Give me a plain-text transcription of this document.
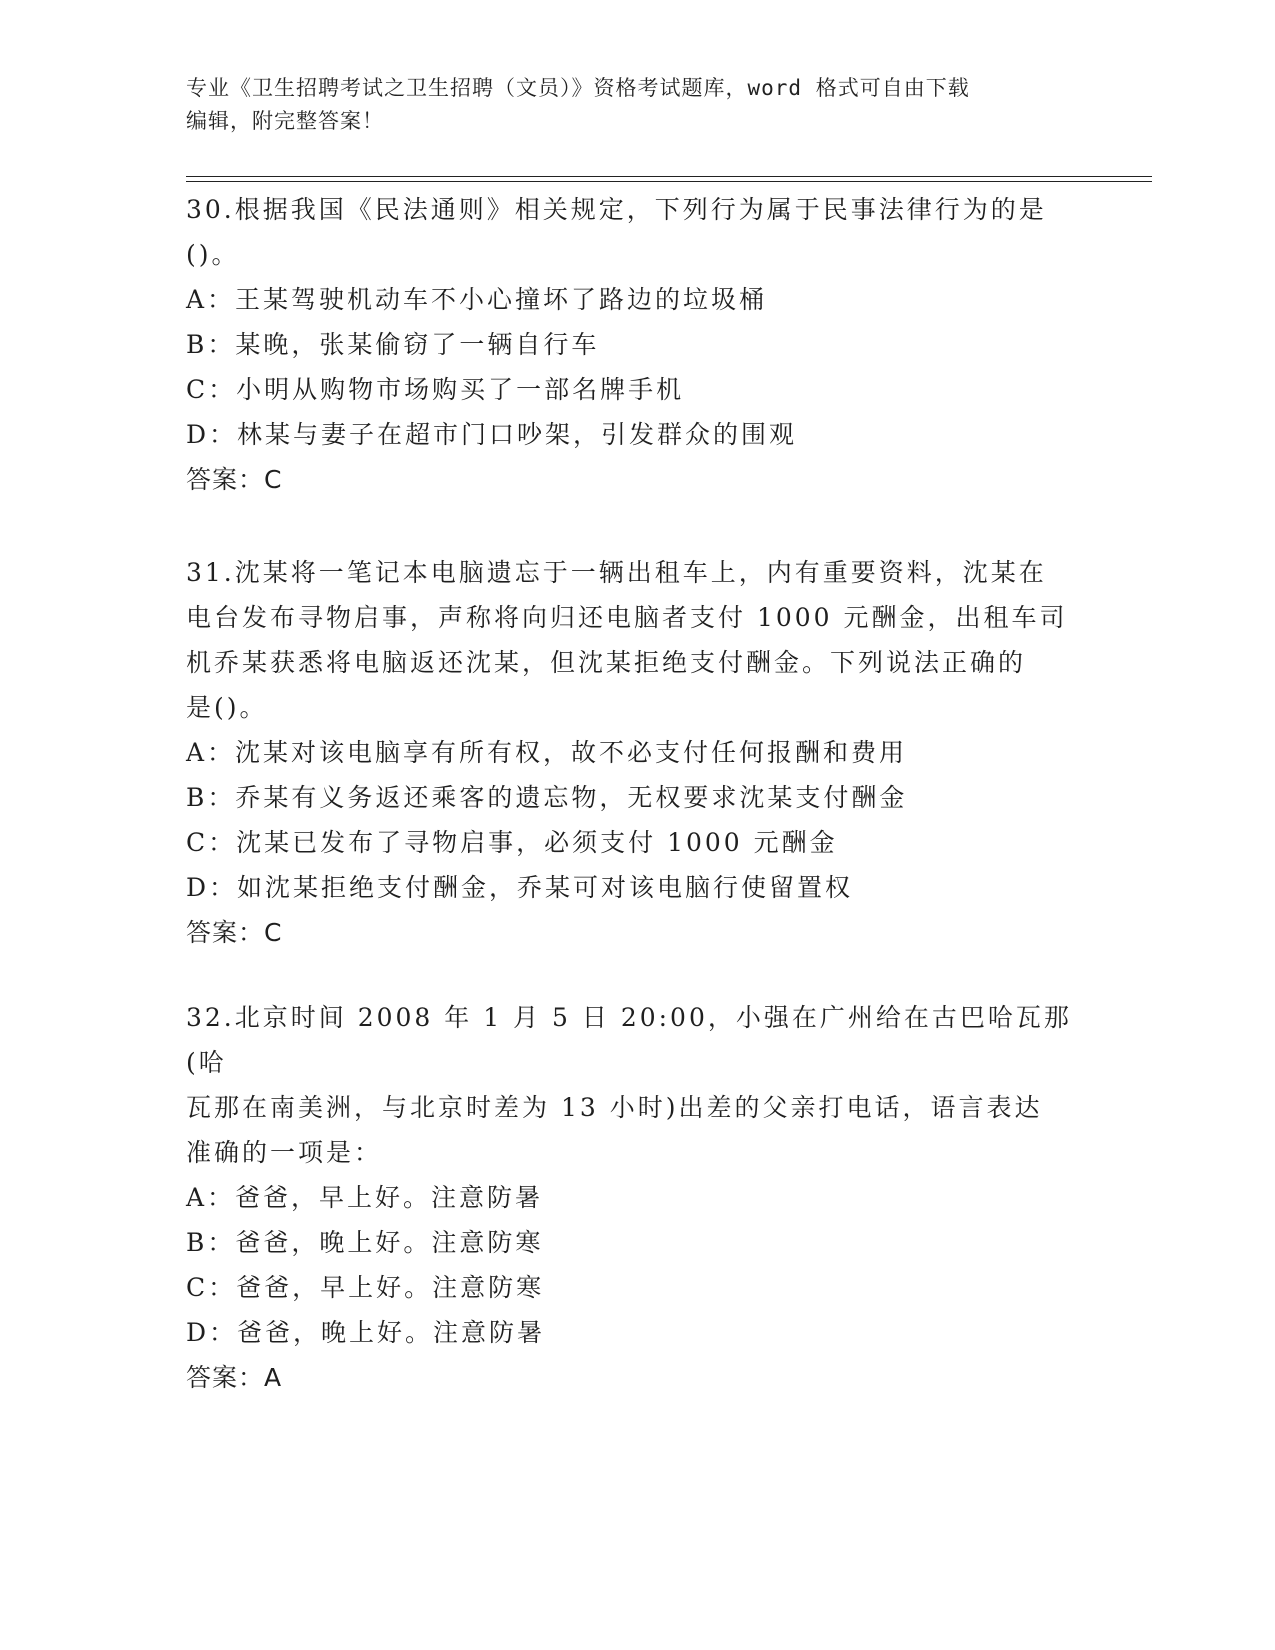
专业《卫生招聘考试之卫生招聘（文员）》资格考试题库，word 格式可自由下载
编辑，附完整答案！

30.根据我国《民法通则》相关规定，下列行为属于民事法律行为的是

()。

A：王某驾驶机动车不小心撞坏了路边的垃圾桶

B：某晚，张某偷窃了一辆自行车

C：小明从购物市场购买了一部名牌手机

D：林某与妻子在超市门口吵架，引发群众的围观

答案：C

31.沈某将一笔记本电脑遗忘于一辆出租车上，内有重要资料，沈某在

电台发布寻物启事，声称将向归还电脑者支付 1000 元酬金，出租车司

机乔某获悉将电脑返还沈某，但沈某拒绝支付酬金。下列说法正确的

是()。

A：沈某对该电脑享有所有权，故不必支付任何报酬和费用

B：乔某有义务返还乘客的遗忘物，无权要求沈某支付酬金

C：沈某已发布了寻物启事，必须支付 1000 元酬金

D：如沈某拒绝支付酬金，乔某可对该电脑行使留置权

答案：C

32.北京时间 2008 年 1 月 5 日 20:00，小强在广州给在古巴哈瓦那(哈

瓦那在南美洲，与北京时差为 13 小时)出差的父亲打电话，语言表达

准确的一项是：

A：爸爸，早上好。注意防暑

B：爸爸，晚上好。注意防寒

C：爸爸，早上好。注意防寒

D：爸爸，晚上好。注意防暑

答案：A
